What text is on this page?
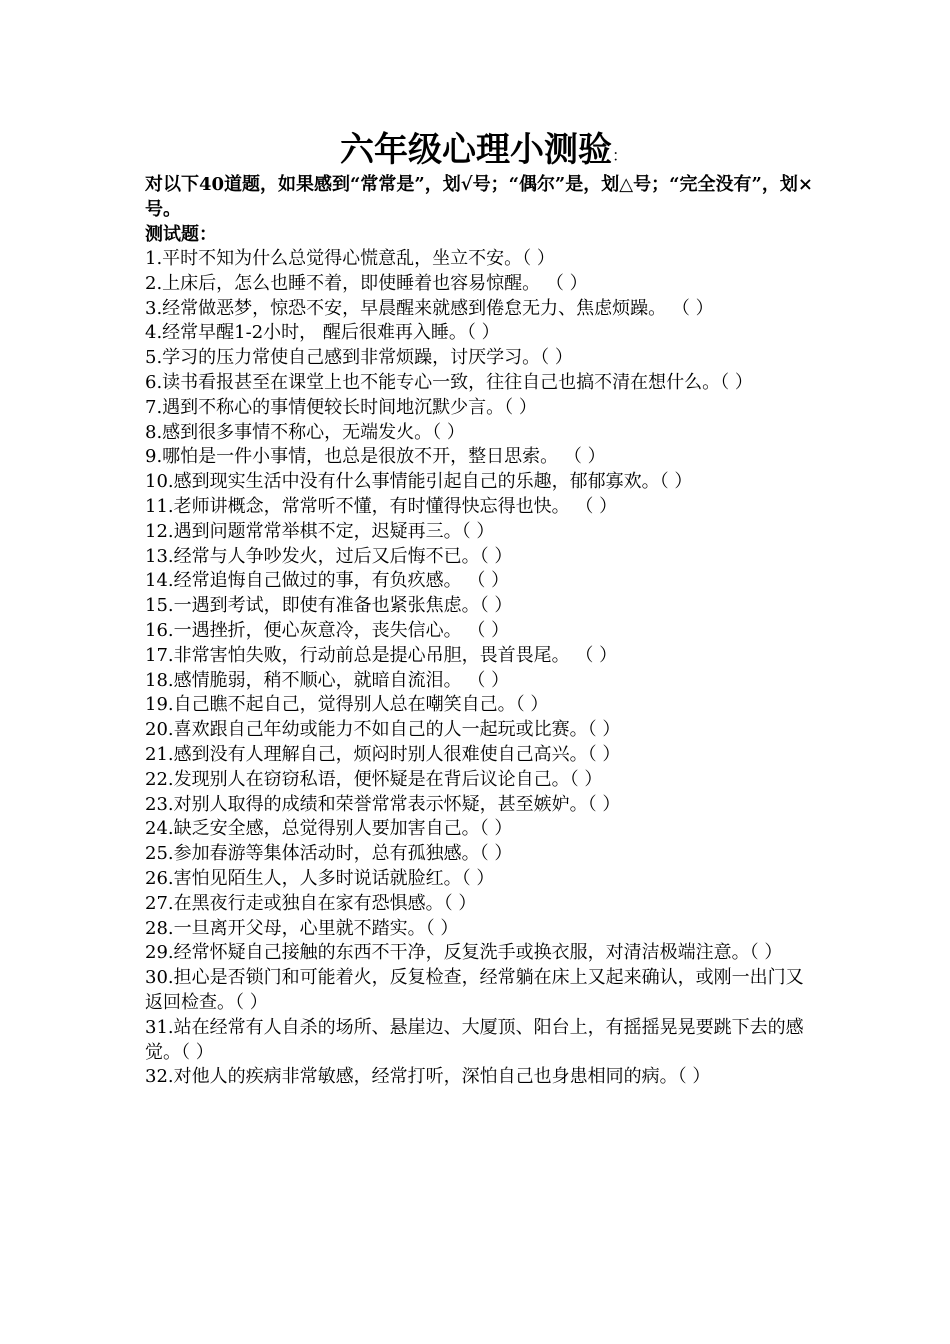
六年级心理小测验：
对以下40道题，如果感到“常常是”，划√号；“偶尔”是，划△号；“完全没有”，划×号。
测试题：
1.平时不知为什么总觉得心慌意乱，坐立不安。（ ）
2.上床后，怎么也睡不着，即使睡着也容易惊醒。 （ ）
3.经常做恶梦，惊恐不安，早晨醒来就感到倦怠无力、焦虑烦躁。 （ ）
4.经常早醒1-2小时， 醒后很难再入睡。（ ）
5.学习的压力常使自己感到非常烦躁，讨厌学习。（ ）
6.读书看报甚至在课堂上也不能专心一致，往往自己也搞不清在想什么。（ ）
7.遇到不称心的事情便较长时间地沉默少言。（ ）
8.感到很多事情不称心，无端发火。（ ）
9.哪怕是一件小事情，也总是很放不开，整日思索。 （ ）
10.感到现实生活中没有什么事情能引起自己的乐趣，郁郁寡欢。（ ）
11.老师讲概念，常常听不懂，有时懂得快忘得也快。 （ ）
12.遇到问题常常举棋不定，迟疑再三。（ ）
13.经常与人争吵发火，过后又后悔不已。（ ）
14.经常追悔自己做过的事，有负疚感。 （ ）
15.一遇到考试，即使有准备也紧张焦虑。（ ）
16.一遇挫折，便心灰意冷，丧失信心。 （ ）
17.非常害怕失败，行动前总是提心吊胆，畏首畏尾。 （ ）
18.感情脆弱，稍不顺心，就暗自流泪。 （ ）
19.自己瞧不起自己，觉得别人总在嘲笑自己。（ ）
20.喜欢跟自己年幼或能力不如自己的人一起玩或比赛。（ ）
21.感到没有人理解自己，烦闷时别人很难使自己高兴。（ ）
22.发现别人在窃窃私语，便怀疑是在背后议论自己。（ ）
23.对别人取得的成绩和荣誉常常表示怀疑，甚至嫉妒。（ ）
24.缺乏安全感，总觉得别人要加害自己。（ ）
25.参加春游等集体活动时，总有孤独感。（ ）
26.害怕见陌生人，人多时说话就脸红。（ ）
27.在黑夜行走或独自在家有恐惧感。（ ）
28.一旦离开父母，心里就不踏实。（ ）
29.经常怀疑自己接触的东西不干净，反复洗手或换衣服，对清洁极端注意。（ ）
30.担心是否锁门和可能着火，反复检查，经常躺在床上又起来确认，或刚一出门又返回检查。（ ）
31.站在经常有人自杀的场所、悬崖边、大厦顶、阳台上，有摇摇晃晃要跳下去的感觉。（ ）
32.对他人的疾病非常敏感，经常打听，深怕自己也身患相同的病。（ ）
